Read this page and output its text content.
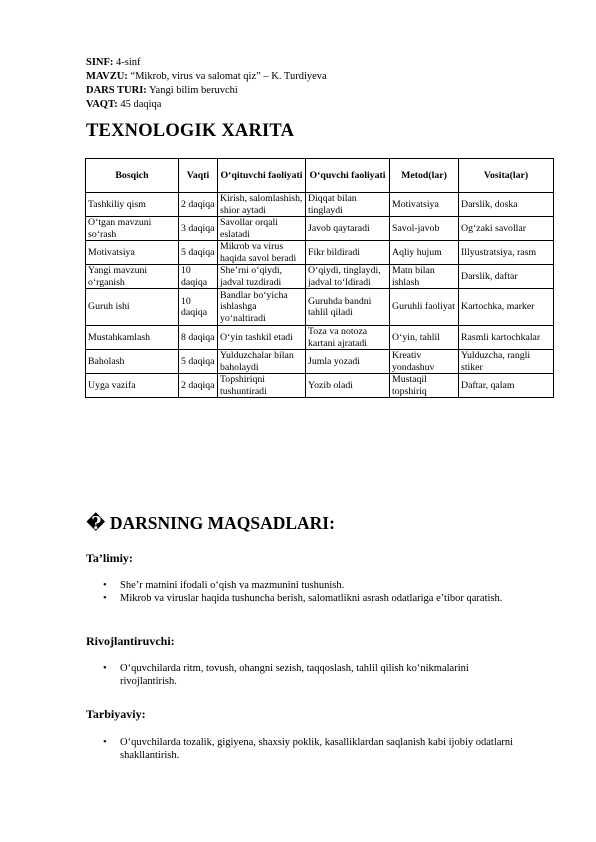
SINF: 4-sinf
MAVZU: “Mikrob, virus va salomat qiz” – K. Turdiyeva
DARS TURI: Yangi bilim beruvchi
VAQT: 45 daqiqa
TEXNOLOGIK XARITA
Bosqich	Vaqti	O‘qituvchi faoliyati	O‘quvchi faoliyati	Metod(lar)	Vosita(lar)
Tashkiliy qism	2 daqiqa	Kirish, salomlashish, shior aytadi	Diqqat bilan tinglaydi	Motivatsiya	Darslik, doska
O‘tgan mavzuni so‘rash	3 daqiqa	Savollar orqali eslatadi	Javob qaytaradi	Savol-javob	Og‘zaki savollar
Motivatsiya	5 daqiqa	Mikrob va virus haqida savol beradi	Fikr bildiradi	Aqliy hujum	Illyustratsiya, rasm
Yangi mavzuni o‘rganish	10 daqiqa	She’rni o‘qiydi, jadval tuzdiradi	O‘qiydi, tinglaydi, jadval to‘ldiradi	Matn bilan ishlash	Darslik, daftar
Guruh ishi	10 daqiqa	Bandlar bo‘yicha ishlashga yo‘naltiradi	Guruhda bandni tahlil qiladi	Guruhli faoliyat	Kartochka, marker
Mustahkamlash	8 daqiqa	O‘yin tashkil etadi	Toza va notoza kartani ajratadi	O‘yin, tahlil	Rasmli kartochkalar
Baholash	5 daqiqa	Yulduzchalar bilan baholaydi	Jumla yozadi	Kreativ yondashuv	Yulduzcha, rangli stiker
Uyga vazifa	2 daqiqa	Topshiriqni tushuntiradi	Yozib oladi	Mustaqil topshiriq	Daftar, qalam
� DARSNING MAQSADLARI:

Ta’limiy:

• She’r matnini ifodali o‘qish va mazmunini tushunish.
• Mikrob va viruslar haqida tushuncha berish, salomatlikni asrash odatlariga e’tibor qaratish.

Rivojlantiruvchi:

• O‘quvchilarda ritm, tovush, ohangni sezish, taqqoslash, tahlil qilish ko‘nikmalarini rivojlantirish.

Tarbiyaviy:

• O‘quvchilarda tozalik, gigiyena, shaxsiy poklik, kasalliklardan saqlanish kabi ijobiy odatlarni shakllantirish.
